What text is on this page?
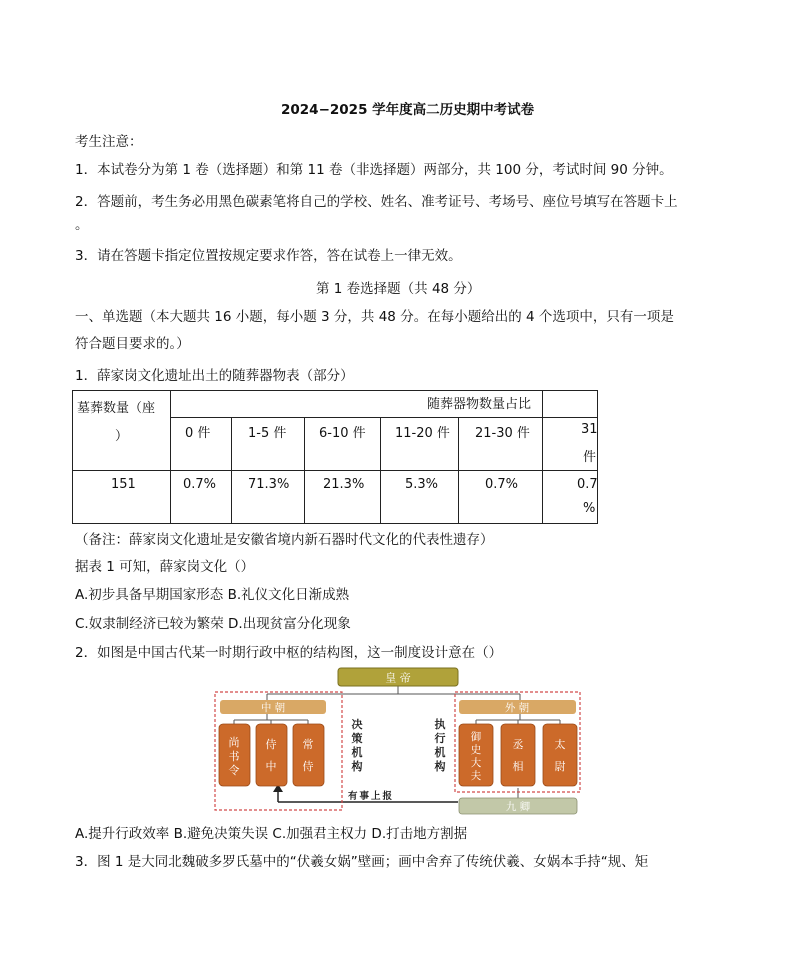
2024−2025 学年度高二历史期中考试卷
考生注意：
1．本试卷分为第 1 卷（选择题）和第 11 卷（非选择题）两部分，共 100 分，考试时间 90 分钟。
2．答题前，考生务必用黑色碳素笔将自己的学校、姓名、准考证号、考场号、座位号填写在答题卡上
。
3．请在答题卡指定位置按规定要求作答，答在试卷上一律无效。
第 1 卷选择题（共 48 分）
一、单选题（本大题共 16 小题，每小题 3 分，共 48 分。在每小题给出的 4 个选项中，只有一项是
符合题目要求的。）
1．薛家岗文化遗址出土的随葬器物表（部分）
墓葬数量（座
）	随葬器物数量占比					

	0 件	1-5 件	6-10 件	11-20 件	21-30 件	31
件

151	0.7%	71.3%	21.3%	5.3%	0.7%	0.7
%
（备注：薛家岗文化遗址是安徽省境内新石器时代文化的代表性遗存）
据表 1 可知，薛家岗文化（）
A.初步具备早期国家形态 B.礼仪文化日渐成熟
C.奴隶制经济已较为繁荣 D.出现贫富分化现象
2．如图是中国古代某一时期行政中枢的结构图，这一制度设计意在（）
皇 帝
中 朝	外 朝
尚书令
侍中
常侍
御史大夫
丞相
太尉
决策机构
执行机构
有事上报
九 卿
A.提升行政效率 B.避免决策失误 C.加强君主权力 D.打击地方割据
3．图 1 是大同北魏破多罗氏墓中的“伏羲女娲”壁画；画中舍弃了传统伏羲、女娲本手持“规、矩
